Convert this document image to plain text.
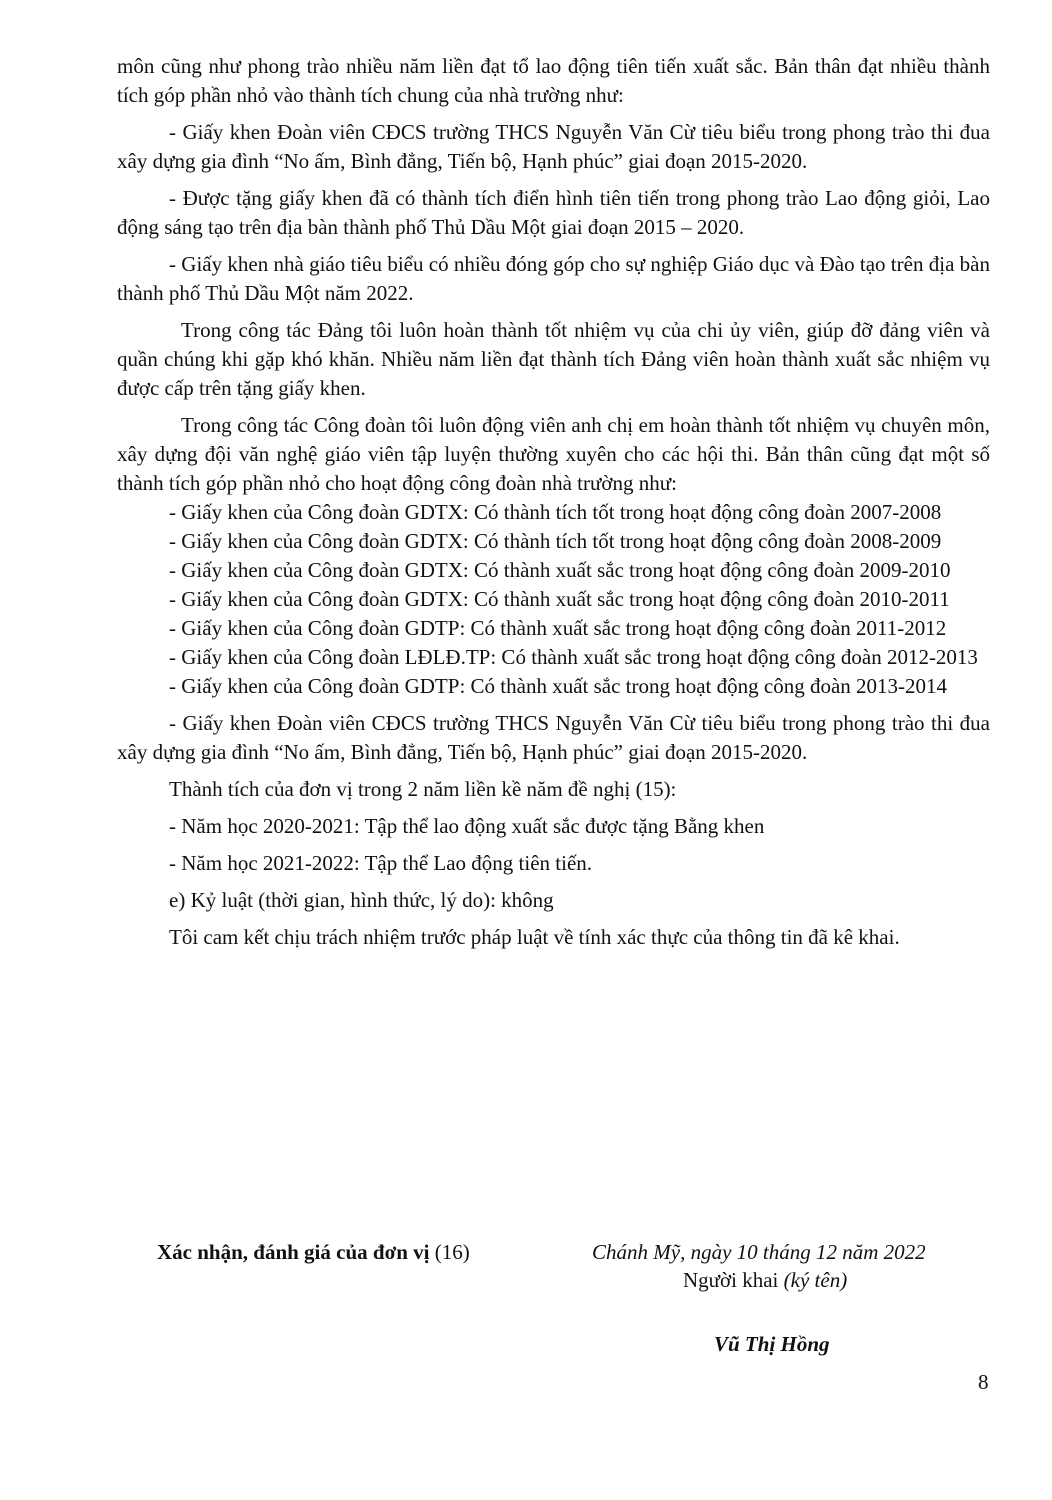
môn cũng như phong trào nhiều năm liền đạt tổ lao động tiên tiến xuất sắc. Bản thân đạt nhiều thành tích góp phần nhỏ vào thành tích chung của nhà trường như:

- Giấy khen Đoàn viên CĐCS trường THCS Nguyễn Văn Cừ tiêu biểu trong phong trào thi đua xây dựng gia đình “No ấm, Bình đẳng, Tiến bộ, Hạnh phúc” giai đoạn 2015-2020.

- Được tặng giấy khen đã có thành tích điển hình tiên tiến trong phong trào Lao động giỏi, Lao động sáng tạo trên địa bàn thành phố Thủ Dầu Một giai đoạn 2015 – 2020.

- Giấy khen nhà giáo tiêu biểu có nhiều đóng góp cho sự nghiệp Giáo dục và Đào tạo trên địa bàn thành phố Thủ Dầu Một năm 2022.

Trong công tác Đảng tôi luôn hoàn thành tốt nhiệm vụ của chi ủy viên, giúp đỡ đảng viên và quần chúng khi gặp khó khăn. Nhiều năm liền đạt thành tích Đảng viên hoàn thành xuất sắc nhiệm vụ được cấp trên tặng giấy khen.

Trong công tác Công đoàn tôi luôn động viên anh chị em hoàn thành tốt nhiệm vụ chuyên môn, xây dựng đội văn nghệ giáo viên tập luyện thường xuyên cho các hội thi. Bản thân cũng đạt một số thành tích góp phần nhỏ cho hoạt động công đoàn nhà trường như:

- Giấy khen của Công đoàn GDTX: Có thành tích tốt trong hoạt động công đoàn 2007-2008

- Giấy khen của Công đoàn GDTX: Có thành tích tốt trong hoạt động công đoàn 2008-2009

- Giấy khen của Công đoàn GDTX: Có thành xuất sắc trong hoạt động công đoàn 2009-2010

- Giấy khen của Công đoàn GDTX: Có thành xuất sắc trong hoạt động công đoàn 2010-2011

- Giấy khen của Công đoàn GDTP: Có thành xuất sắc trong hoạt động công đoàn 2011-2012

- Giấy khen của Công đoàn LĐLĐ.TP: Có thành xuất sắc trong hoạt động công đoàn 2012-2013

- Giấy khen của Công đoàn GDTP: Có thành xuất sắc trong hoạt động công đoàn 2013-2014

- Giấy khen Đoàn viên CĐCS trường THCS Nguyễn Văn Cừ tiêu biểu trong phong trào thi đua xây dựng gia đình “No ấm, Bình đẳng, Tiến bộ, Hạnh phúc” giai đoạn 2015-2020.

Thành tích của đơn vị trong 2 năm liền kề năm đề nghị (15):

- Năm học 2020-2021: Tập thể lao động xuất sắc được tặng Bằng khen

- Năm học 2021-2022: Tập thể Lao động tiên tiến.

e) Kỷ luật (thời gian, hình thức, lý do): không

Tôi cam kết chịu trách nhiệm trước pháp luật về tính xác thực của thông tin đã kê khai.

Xác nhận, đánh giá của đơn vị (16)	Chánh Mỹ, ngày 10 tháng 12 năm 2022
Người khai (ký tên)
Vũ Thị Hồng
8
